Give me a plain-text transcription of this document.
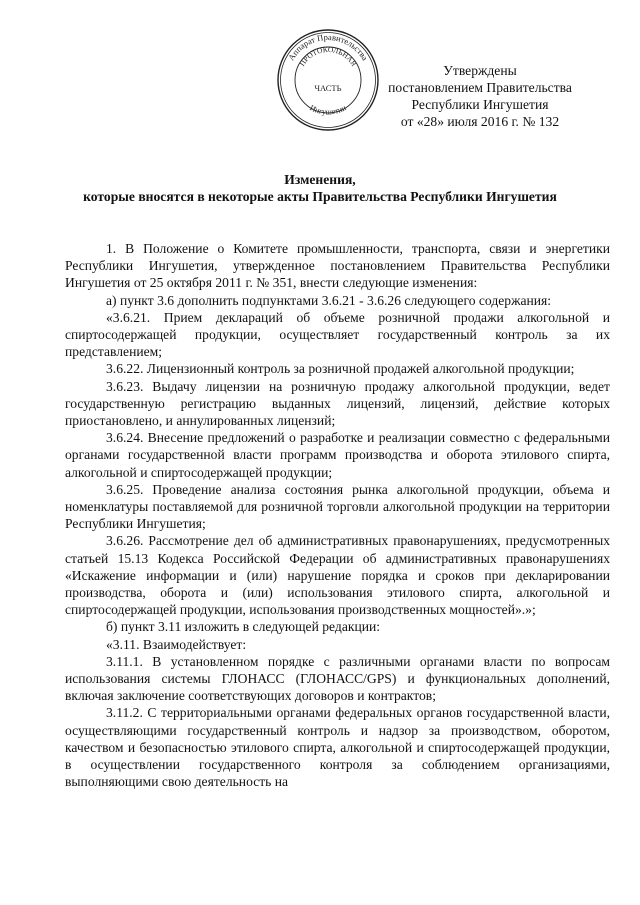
Аппарат Правительства
Ингушетии
ПРОТОКОЛЬНАЯ
ЧАСТЬ
Утверждены
постановлением Правительства
Республики Ингушетия
от «28» июля 2016 г. № 132
Изменения,
которые вносятся в некоторые акты Правительства Республики Ингушетия

1. В Положение о Комитете промышленности, транспорта, связи и энергетики Республики Ингушетия, утвержденное постановлением Правительства Республики Ингушетия от 25 октября 2011 г. № 351, внести следующие изменения:

а) пункт 3.6 дополнить подпунктами 3.6.21 - 3.6.26 следующего содержания:

«3.6.21. Прием деклараций об объеме розничной продажи алкогольной и спиртосодержащей продукции, осуществляет государственный контроль за их представлением;

3.6.22. Лицензионный контроль за розничной продажей алкогольной продукции;

3.6.23. Выдачу лицензии на розничную продажу алкогольной продукции, ведет государственную регистрацию выданных лицензий, лицензий, действие которых приостановлено, и аннулированных лицензий;

3.6.24. Внесение предложений о разработке и реализации совместно с федеральными органами государственной власти программ производства и оборота этилового спирта, алкогольной и спиртосодержащей продукции;

3.6.25. Проведение анализа состояния рынка алкогольной продукции, объема и номенклатуры поставляемой для розничной торговли алкогольной продукции на территории Республики Ингушетия;

3.6.26. Рассмотрение дел об административных правонарушениях, предусмотренных статьей 15.13 Кодекса Российской Федерации об административных правонарушениях «Искажение информации и (или) нарушение порядка и сроков при декларировании производства, оборота и (или) использования этилового спирта, алкогольной и спиртосодержащей продукции, использования производственных мощностей».»;

б) пункт 3.11 изложить в следующей редакции:

«3.11. Взаимодействует:

3.11.1. В установленном порядке с различными органами власти по вопросам использования системы ГЛОНАСС (ГЛОНАСС/GPS) и функциональных дополнений, включая заключение соответствующих договоров и контрактов;

3.11.2. С территориальными органами федеральных органов государственной власти, осуществляющими государственный контроль и надзор за производством, оборотом, качеством и безопасностью этилового спирта, алкогольной и спиртосодержащей продукции, в осуществлении государственного контроля за соблюдением организациями, выполняющими свою деятельность на
